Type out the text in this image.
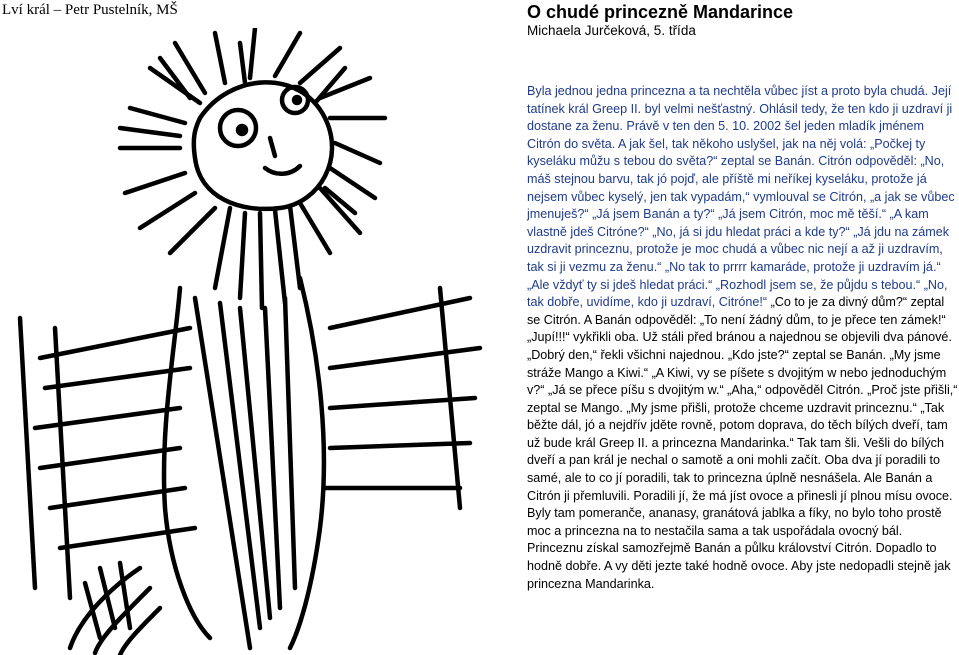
Lví král – Petr Pustelník, MŠ	O chudé princezně Mandarince
Michaela Jurčeková, 5. třída
Byla jednou jedna princezna a ta nechtěla vůbec jíst a proto byla chudá. Její tatínek král Greep II. byl velmi nešťastný. Ohlásil tedy, že ten kdo ji uzdraví ji dostane za ženu. Právě v ten den 5. 10. 2002 šel jeden mladík jménem Citrón do světa. A jak šel, tak někoho uslyšel, jak na něj volá: „Počkej ty kyseláku můžu s tebou do světa?“ zeptal se Banán. Citrón odpověděl: „No, máš stejnou barvu, tak jó pojď, ale příště mi neříkej kyseláku, protože já nejsem vůbec kyselý, jen tak vypadám,“ vymlouval se Citrón, „a jak se vůbec jmenuješ?“ „Já jsem Banán a ty?“ „Já jsem Citrón, moc mě těší.“ „A kam vlastně jdeš Citróne?“ „No, já si jdu hledat práci a kde ty?“ „Já jdu na zámek uzdravit princeznu, protože je moc chudá a vůbec nic nejí a až ji uzdravím, tak si ji vezmu za ženu.“ „No tak to prrrr kamaráde, protože ji uzdravím já.“ „Ale vždyť ty si jdeš hledat práci.“ „Rozhodl jsem se, že půjdu s tebou.“ „No, tak dobře, uvidíme, kdo ji uzdraví, Citróne!“ „Co to je za divný dům?“ zeptal se Citrón. A Banán odpověděl: „To není žádný dům, to je přece ten zámek!“ „Jupí!!!“ vykřikli oba. Už stáli před bránou a najednou se objevili dva pánové. „Dobrý den,“ řekli všichni najednou. „Kdo jste?“ zeptal se Banán. „My jsme stráže Mango a Kiwi.“ „A Kiwi, vy se píšete s dvojitým w nebo jednoduchým v?“ „Já se přece píšu s dvojitým w.“ „Aha,“ odpověděl Citrón. „Proč jste přišli,“ zeptal se Mango. „My jsme přišli, protože chceme uzdravit princeznu.“ „Tak běžte dál, jó a nejdřív jděte rovně, potom doprava, do těch bílých dveří, tam už bude král Greep II. a princezna Mandarinka.“ Tak tam šli. Vešli do bílých dveří a pan král je nechal o samotě a oni mohli začít. Oba dva jí poradili to samé, ale to co jí poradili, tak to princezna úplně nesnášela. Ale Banán a Citrón ji přemluvili. Poradili jí, že má jíst ovoce a přinesli jí plnou mísu ovoce. Byly tam pomeranče, ananasy, granátová jablka a fíky, no bylo toho prostě moc a princezna na to nestačila sama a tak uspořádala ovocný bál. Princeznu získal samozřejmě Banán a půlku království Citrón. Dopadlo to hodně dobře. A vy děti jezte také hodně ovoce. Aby jste nedopadli stejně jak princezna Mandarinka.
